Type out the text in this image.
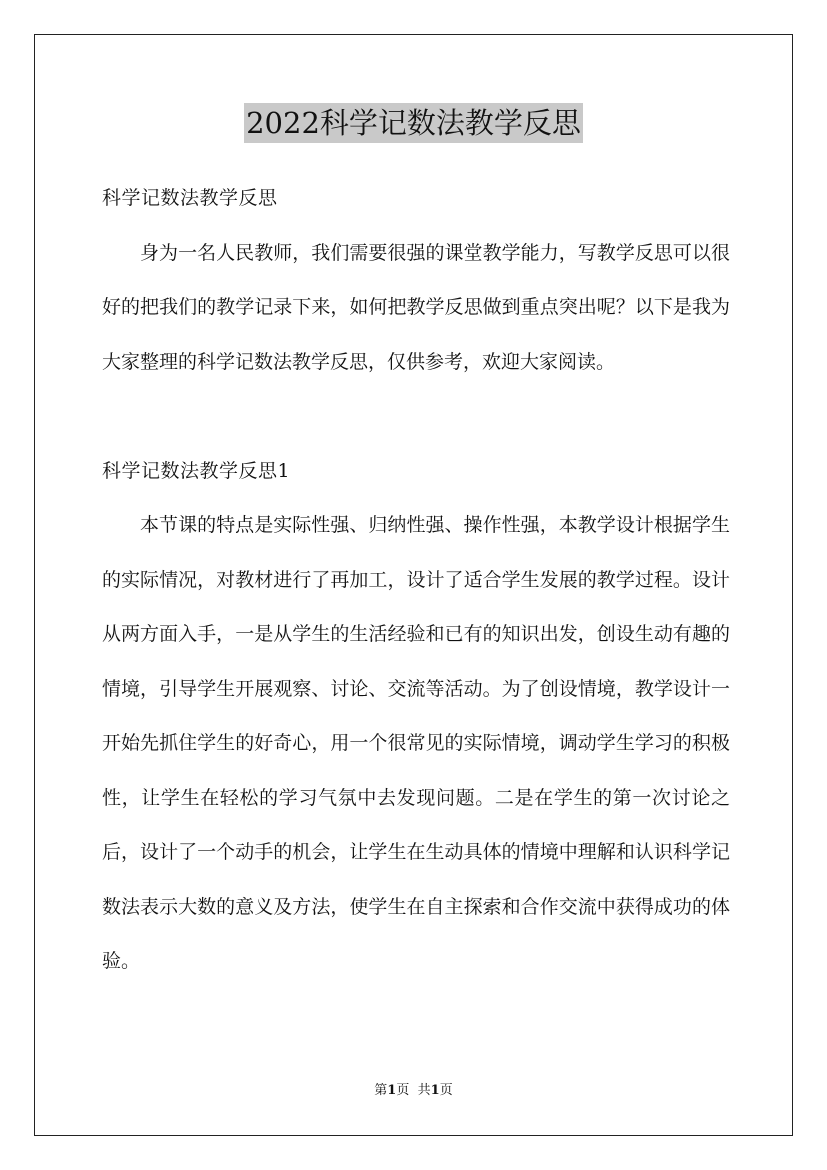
2022科学记数法教学反思

科学记数法教学反思

身为一名人民教师，我们需要很强的课堂教学能力，写教学反思可以很好的把我们的教学记录下来，如何把教学反思做到重点突出呢？以下是我为大家整理的科学记数法教学反思，仅供参考，欢迎大家阅读。

科学记数法教学反思1

本节课的特点是实际性强、归纳性强、操作性强，本教学设计根据学生的实际情况，对教材进行了再加工，设计了适合学生发展的教学过程。设计从两方面入手，一是从学生的生活经验和已有的知识出发，创设生动有趣的情境，引导学生开展观察、讨论、交流等活动。为了创设情境，教学设计一开始先抓住学生的好奇心，用一个很常见的实际情境，调动学生学习的积极性，让学生在轻松的学习气氛中去发现问题。二是在学生的第一次讨论之后，设计了一个动手的机会，让学生在生动具体的情境中理解和认识科学记数法表示大数的意义及方法，使学生在自主探索和合作交流中获得成功的体验。

第1页 共1页
